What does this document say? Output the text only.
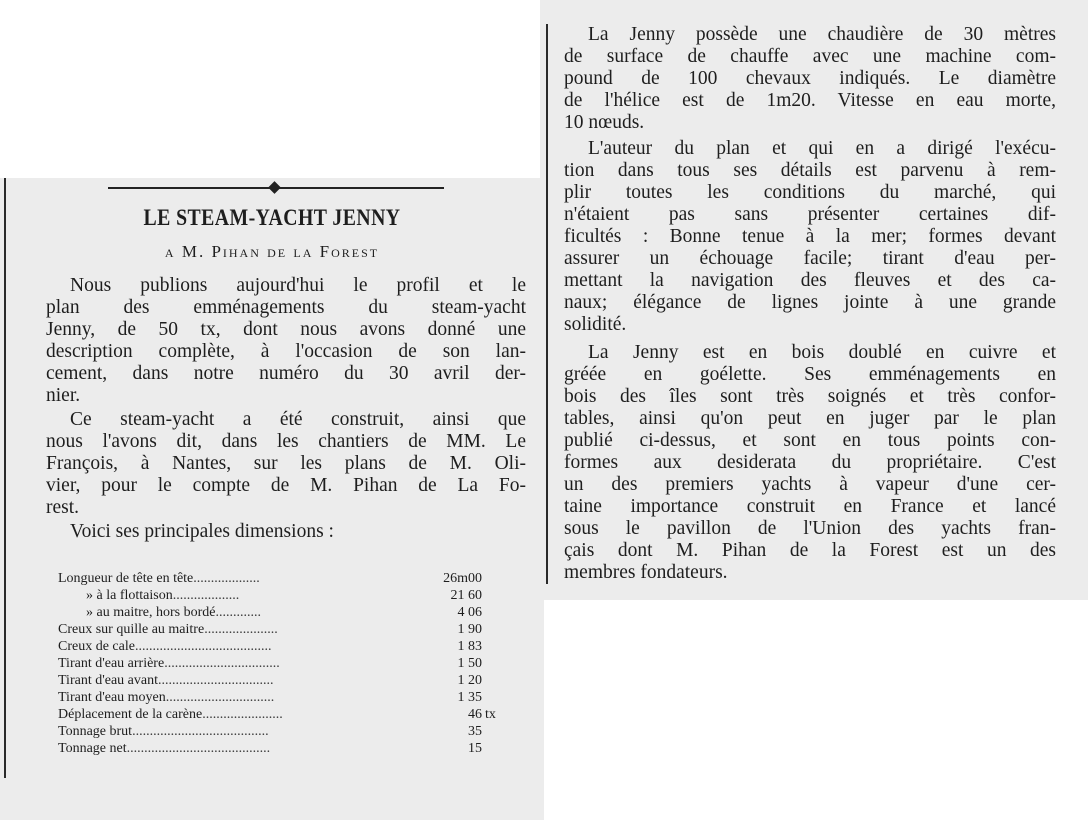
LE STEAM-YACHT JENNY
a M. Pihan de la Forest
Nous publions aujourd'hui le profil et le
plan des emménagements du steam-yacht
Jenny, de 50 tx, dont nous avons donné une
description complète, à l'occasion de son lan-
cement, dans notre numéro du 30 avril der-
nier.
Ce steam-yacht a été construit, ainsi que
nous l'avons dit, dans les chantiers de MM. Le
François, à Nantes, sur les plans de M. Oli-
vier, pour le compte de M. Pihan de La Fo-
rest.
Voici ses principales dimensions :
Longueur de tête en tête...................	26m00
» à la flottaison...................	21 60
» au maitre, hors bordé.............	4 06
Creux sur quille au maitre.....................	1 90
Creux de cale.......................................	1 83
Tirant d'eau arrière.................................	1 50
Tirant d'eau avant.................................	1 20
Tirant d'eau moyen...............................	1 35
Déplacement de la carène.......................	46 tx
Tonnage brut.......................................	35
Tonnage net.........................................	15
La Jenny possède une chaudière de 30 mètres
de surface de chauffe avec une machine com-
pound de 100 chevaux indiqués. Le diamètre
de l'hélice est de 1m20. Vitesse en eau morte,
10 nœuds.
L'auteur du plan et qui en a dirigé l'exécu-
tion dans tous ses détails est parvenu à rem-
plir toutes les conditions du marché, qui
n'étaient pas sans présenter certaines dif-
ficultés : Bonne tenue à la mer; formes devant
assurer un échouage facile; tirant d'eau per-
mettant la navigation des fleuves et des ca-
naux; élégance de lignes jointe à une grande
solidité.
La Jenny est en bois doublé en cuivre et
gréée en goélette. Ses emménagements en
bois des îles sont très soignés et très confor-
tables, ainsi qu'on peut en juger par le plan
publié ci-dessus, et sont en tous points con-
formes aux desiderata du propriétaire. C'est
un des premiers yachts à vapeur d'une cer-
taine importance construit en France et lancé
sous le pavillon de l'Union des yachts fran-
çais dont M. Pihan de la Forest est un des
membres fondateurs.
